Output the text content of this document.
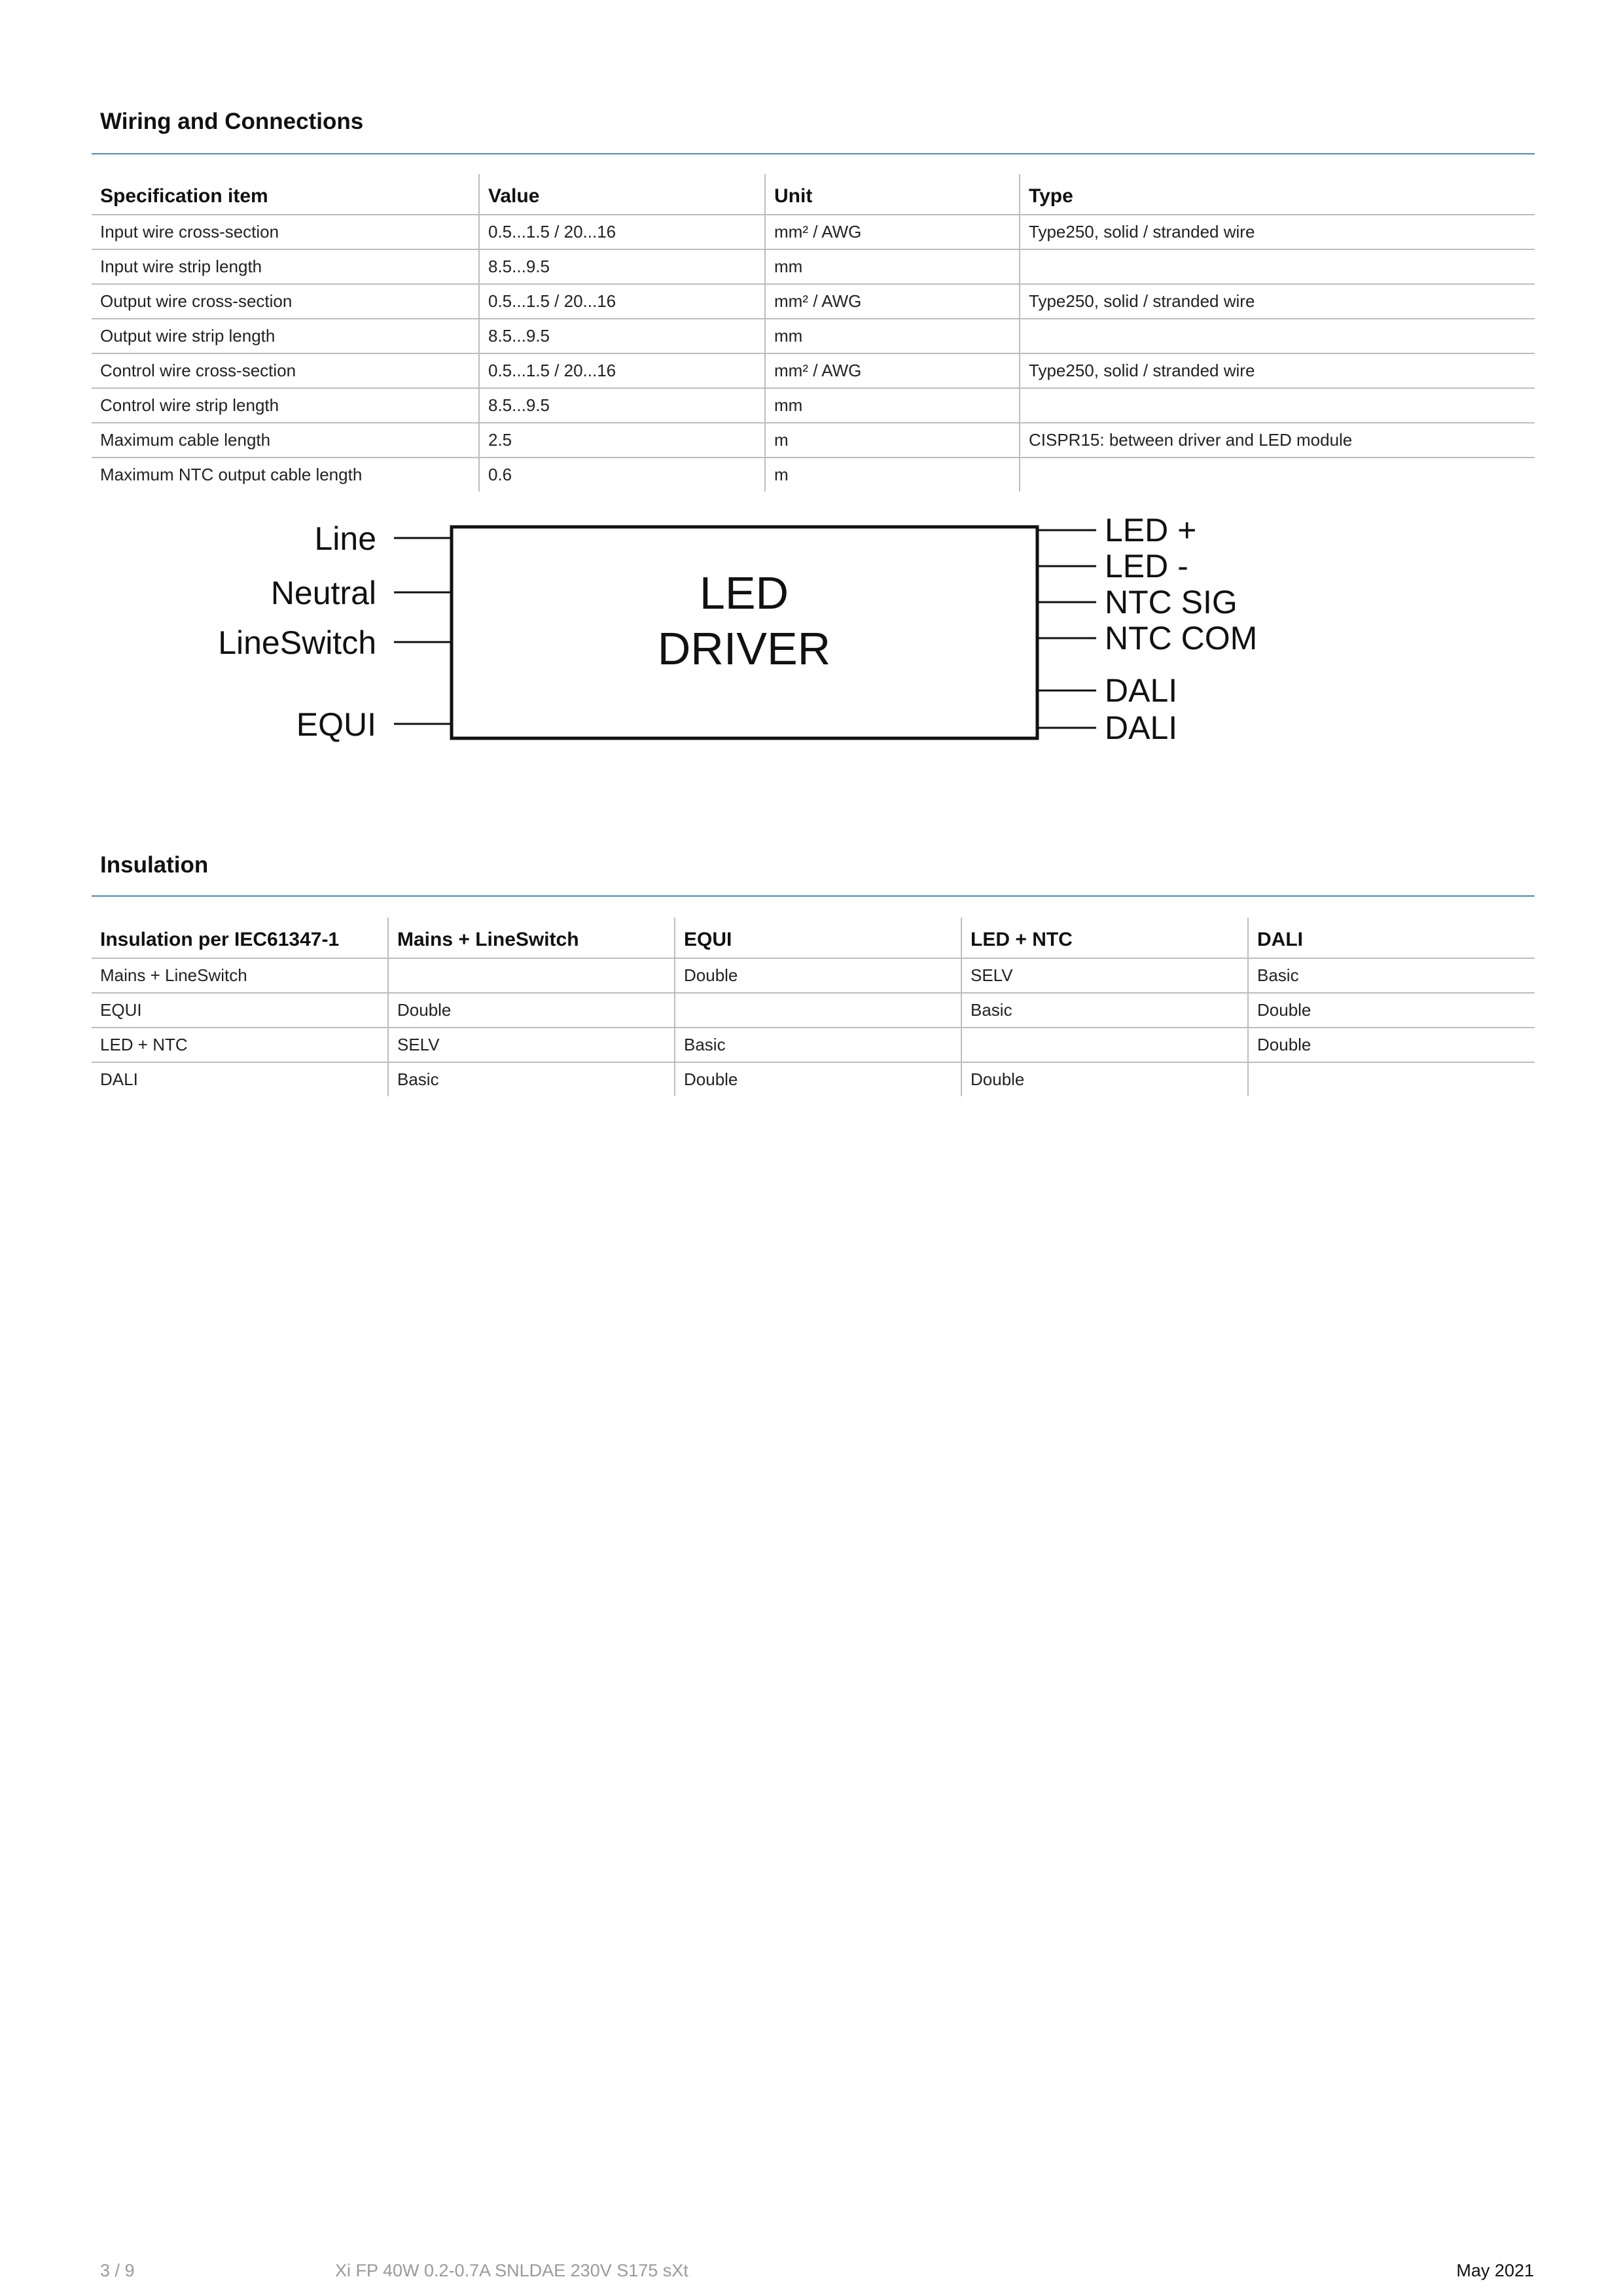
Wiring and Connections
Specification item	Value	Unit	Type
Input wire cross-section	0.5...1.5 / 20...16	mm² / AWG	Type250, solid / stranded wire
Input wire strip length	8.5...9.5	mm	
Output wire cross-section	0.5...1.5 / 20...16	mm² / AWG	Type250, solid / stranded wire
Output wire strip length	8.5...9.5	mm	
Control wire cross-section	0.5...1.5 / 20...16	mm² / AWG	Type250, solid / stranded wire
Control wire strip length	8.5...9.5	mm	
Maximum cable length	2.5	m	CISPR15: between driver and LED module
Maximum NTC output cable length	0.6	m	
LED
DRIVER
Line
Neutral
LineSwitch
EQUI
LED +
LED -
NTC SIG
NTC COM
DALI
DALI
Insulation
Insulation per IEC61347-1	Mains + LineSwitch	EQUI	LED + NTC	DALI
Mains + LineSwitch		Double	SELV	Basic
EQUI	Double		Basic	Double
LED + NTC	SELV	Basic		Double
DALI	Basic	Double	Double	

3 / 9	Xi FP 40W 0.2-0.7A SNLDAE 230V S175 sXt	May 2021
